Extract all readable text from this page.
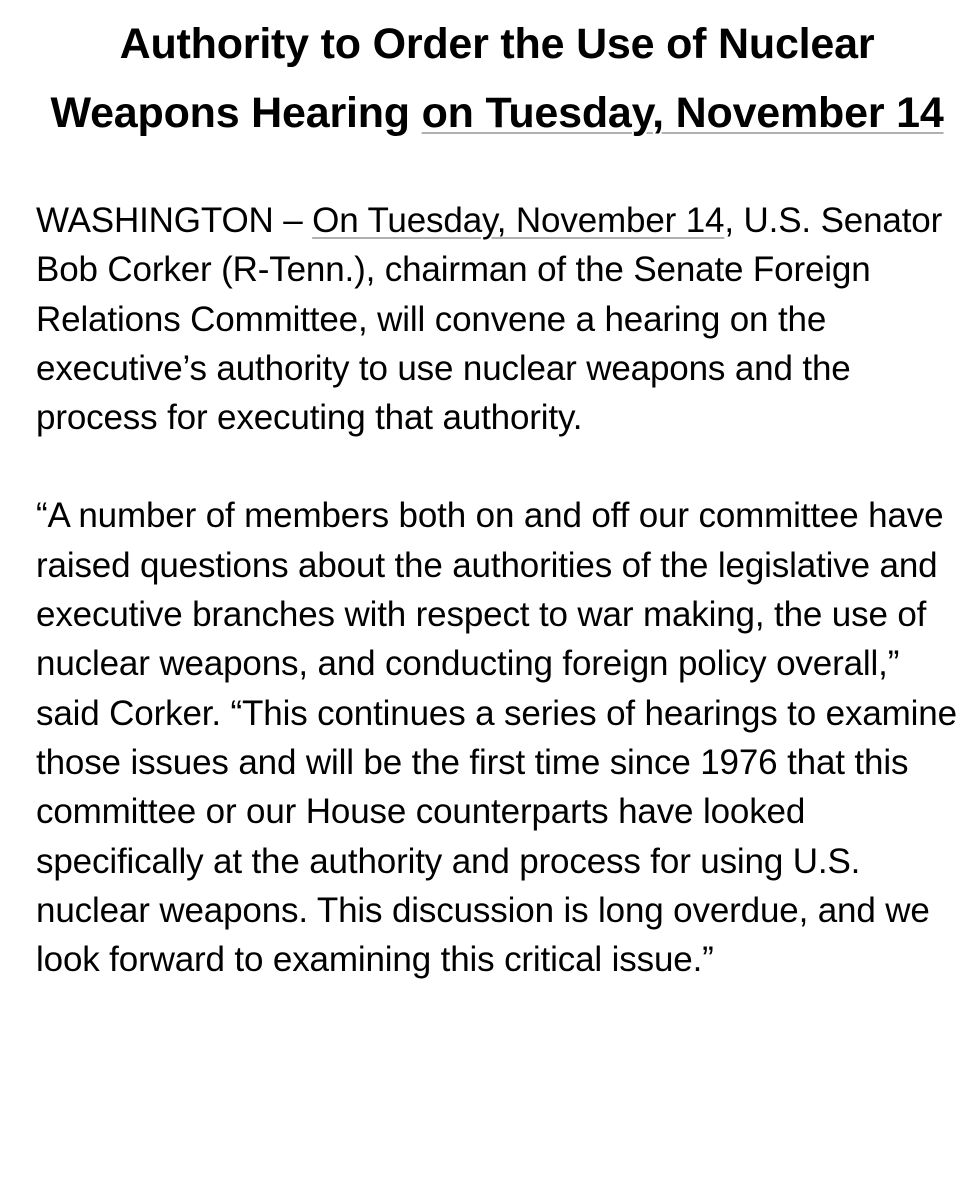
Authority to Order the Use of Nuclear Weapons Hearing on Tuesday, November 14

WASHINGTON – On Tuesday, November 14, U.S. Senator Bob Corker (R-Tenn.), chairman of the Senate Foreign Relations Committee, will convene a hearing on the executive’s authority to use nuclear weapons and the process for executing that authority.

“A number of members both on and off our committee have raised questions about the authorities of the legislative and executive branches with respect to war making, the use of nuclear weapons, and conducting foreign policy overall,” said Corker. “This continues a series of hearings to examine those issues and will be the first time since 1976 that this committee or our House counterparts have looked specifically at the authority and process for using U.S. nuclear weapons. This discussion is long overdue, and we look forward to examining this critical issue.”
